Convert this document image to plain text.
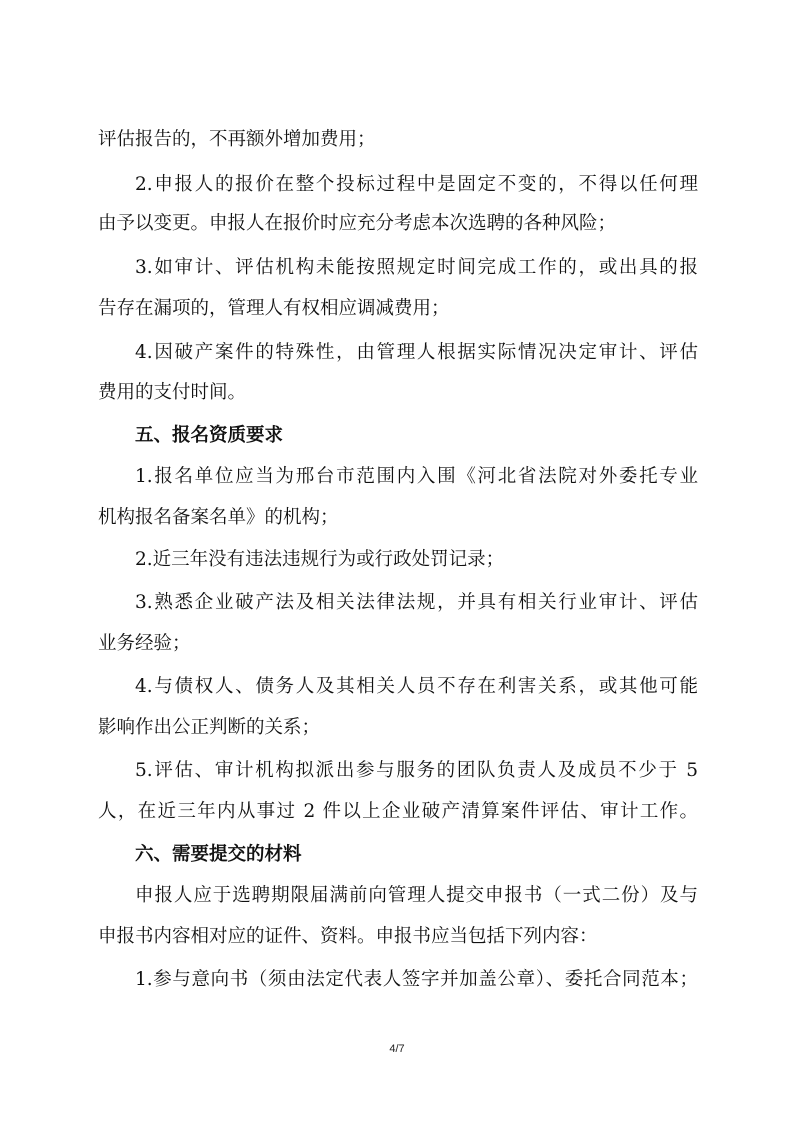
评估报告的，不再额外增加费用；
2.申报人的报价在整个投标过程中是固定不变的，不得以任何理
由予以变更。申报人在报价时应充分考虑本次选聘的各种风险；
3.如审计、评估机构未能按照规定时间完成工作的，或出具的报
告存在漏项的，管理人有权相应调减费用；
4.因破产案件的特殊性，由管理人根据实际情况决定审计、评估
费用的支付时间。
五、报名资质要求
1.报名单位应当为邢台市范围内入围《河北省法院对外委托专业
机构报名备案名单》的机构；
2.近三年没有违法违规行为或行政处罚记录；
3.熟悉企业破产法及相关法律法规，并具有相关行业审计、评估
业务经验；
4.与债权人、债务人及其相关人员不存在利害关系，或其他可能
影响作出公正判断的关系；
5.评估、审计机构拟派出参与服务的团队负责人及成员不少于 5
人，在近三年内从事过 2 件以上企业破产清算案件评估、审计工作。
六、需要提交的材料
申报人应于选聘期限届满前向管理人提交申报书（一式二份）及与
申报书内容相对应的证件、资料。申报书应当包括下列内容：
1.参与意向书（须由法定代表人签字并加盖公章）、委托合同范本；
4/7
